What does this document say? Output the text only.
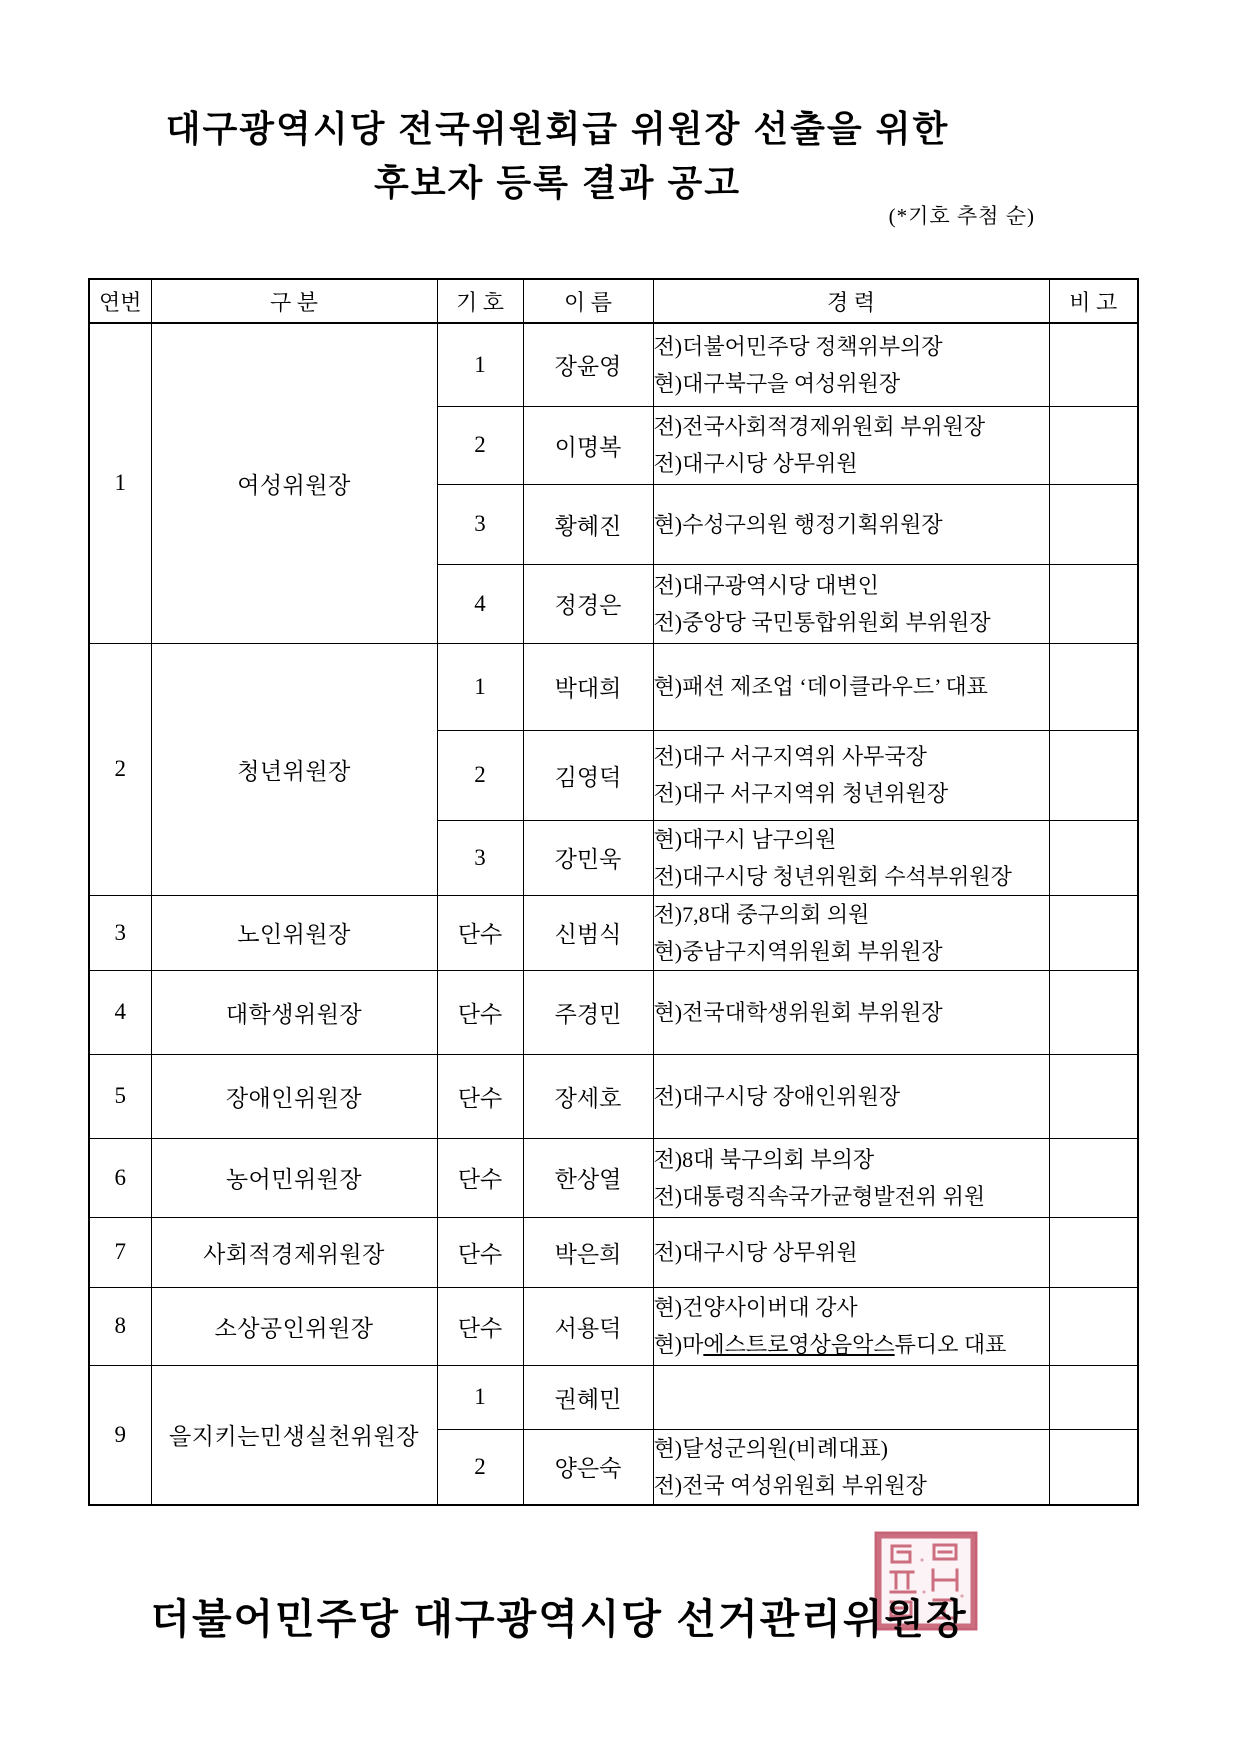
대구광역시당 전국위원회급 위원장 선출을 위한
후보자 등록 결과 공고
(*기호 추첨 순)
연번	구 분	기 호	이 름	경 력	비 고
1	여성위원장	1	장윤영	전)더불어민주당 정책위부의장
현)대구북구을 여성위원장	

		2	이명복	전)전국사회적경제위원회 부위원장
전)대구시당 상무위원	

		3	황혜진	현)수성구의원 행정기획위원장	

		4	정경은	전)대구광역시당 대변인
전)중앙당 국민통합위원회 부위원장	

2	청년위원장	1	박대희	현)패션 제조업 ‘데이클라우드’ 대표	

		2	김영덕	전)대구 서구지역위 사무국장
전)대구 서구지역위 청년위원장	

		3	강민욱	현)대구시 남구의원
전)대구시당 청년위원회 수석부위원장	

3	노인위원장	단수	신범식	전)7,8대 중구의회 의원
현)중남구지역위원회 부위원장	

4	대학생위원장	단수	주경민	현)전국대학생위원회 부위원장	

5	장애인위원장	단수	장세호	전)대구시당 장애인위원장	

6	농어민위원장	단수	한상열	전)8대 북구의회 부의장
전)대통령직속국가균형발전위 위원	

7	사회적경제위원장	단수	박은희	전)대구시당 상무위원	

8	소상공인위원장	단수	서용덕	현)건양사이버대 강사
현)마에스트로영상음악스튜디오 대표	

9	을지키는민생실천위원장	1	권혜민		
		2	양은숙	현)달성군의원(비례대표)
전)전국 여성위원회 부위원장	

더불어민주당 대구광역시당 선거관리위원장
